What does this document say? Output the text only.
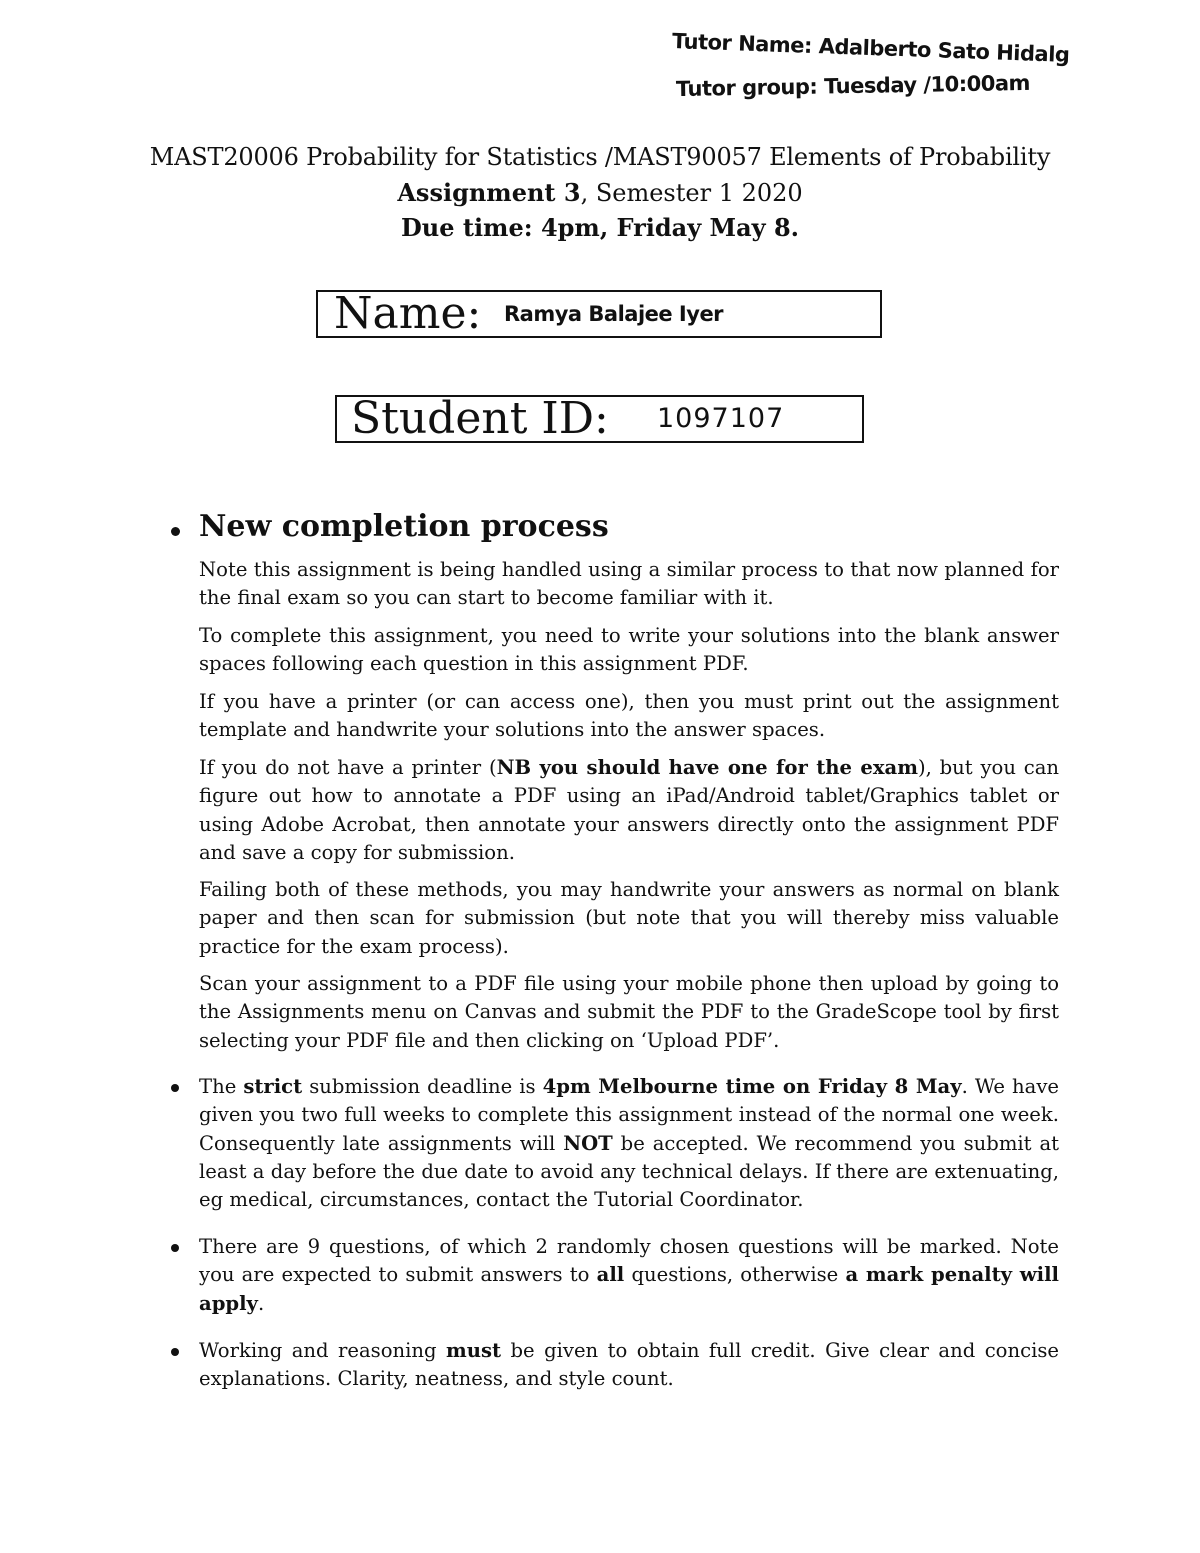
Tutor Name: Adalberto Sato Hidalg
Tutor group: Tuesday /10:00am
MAST20006 Probability for Statistics /MAST90057 Elements of Probability
Assignment 3, Semester 1 2020
Due time: 4pm, Friday May 8.
Name: Ramya Balajee Iyer
Student ID: 1097107
New completion process
Note this assignment is being handled using a similar process to that now planned for the final exam so you can start to become familiar with it.
To complete this assignment, you need to write your solutions into the blank answer spaces following each question in this assignment PDF.
If you have a printer (or can access one), then you must print out the assignment template and handwrite your solutions into the answer spaces.
If you do not have a printer (NB you should have one for the exam), but you can figure out how to annotate a PDF using an iPad/Android tablet/Graphics tablet or using Adobe Acrobat, then annotate your answers directly onto the assignment PDF and save a copy for submission.
Failing both of these methods, you may handwrite your answers as normal on blank paper and then scan for submission (but note that you will thereby miss valuable practice for the exam process).
Scan your assignment to a PDF file using your mobile phone then upload by going to the Assignments menu on Canvas and submit the PDF to the GradeScope tool by first selecting your PDF file and then clicking on ‘Upload PDF’.
The strict submission deadline is 4pm Melbourne time on Friday 8 May. We have given you two full weeks to complete this assignment instead of the normal one week. Consequently late assignments will NOT be accepted. We recommend you submit at least a day before the due date to avoid any technical delays. If there are extenuating, eg medical, circumstances, contact the Tutorial Coordinator.
There are 9 questions, of which 2 randomly chosen questions will be marked. Note you are expected to submit answers to all questions, otherwise a mark penalty will apply.
Working and reasoning must be given to obtain full credit. Give clear and concise explanations. Clarity, neatness, and style count.
